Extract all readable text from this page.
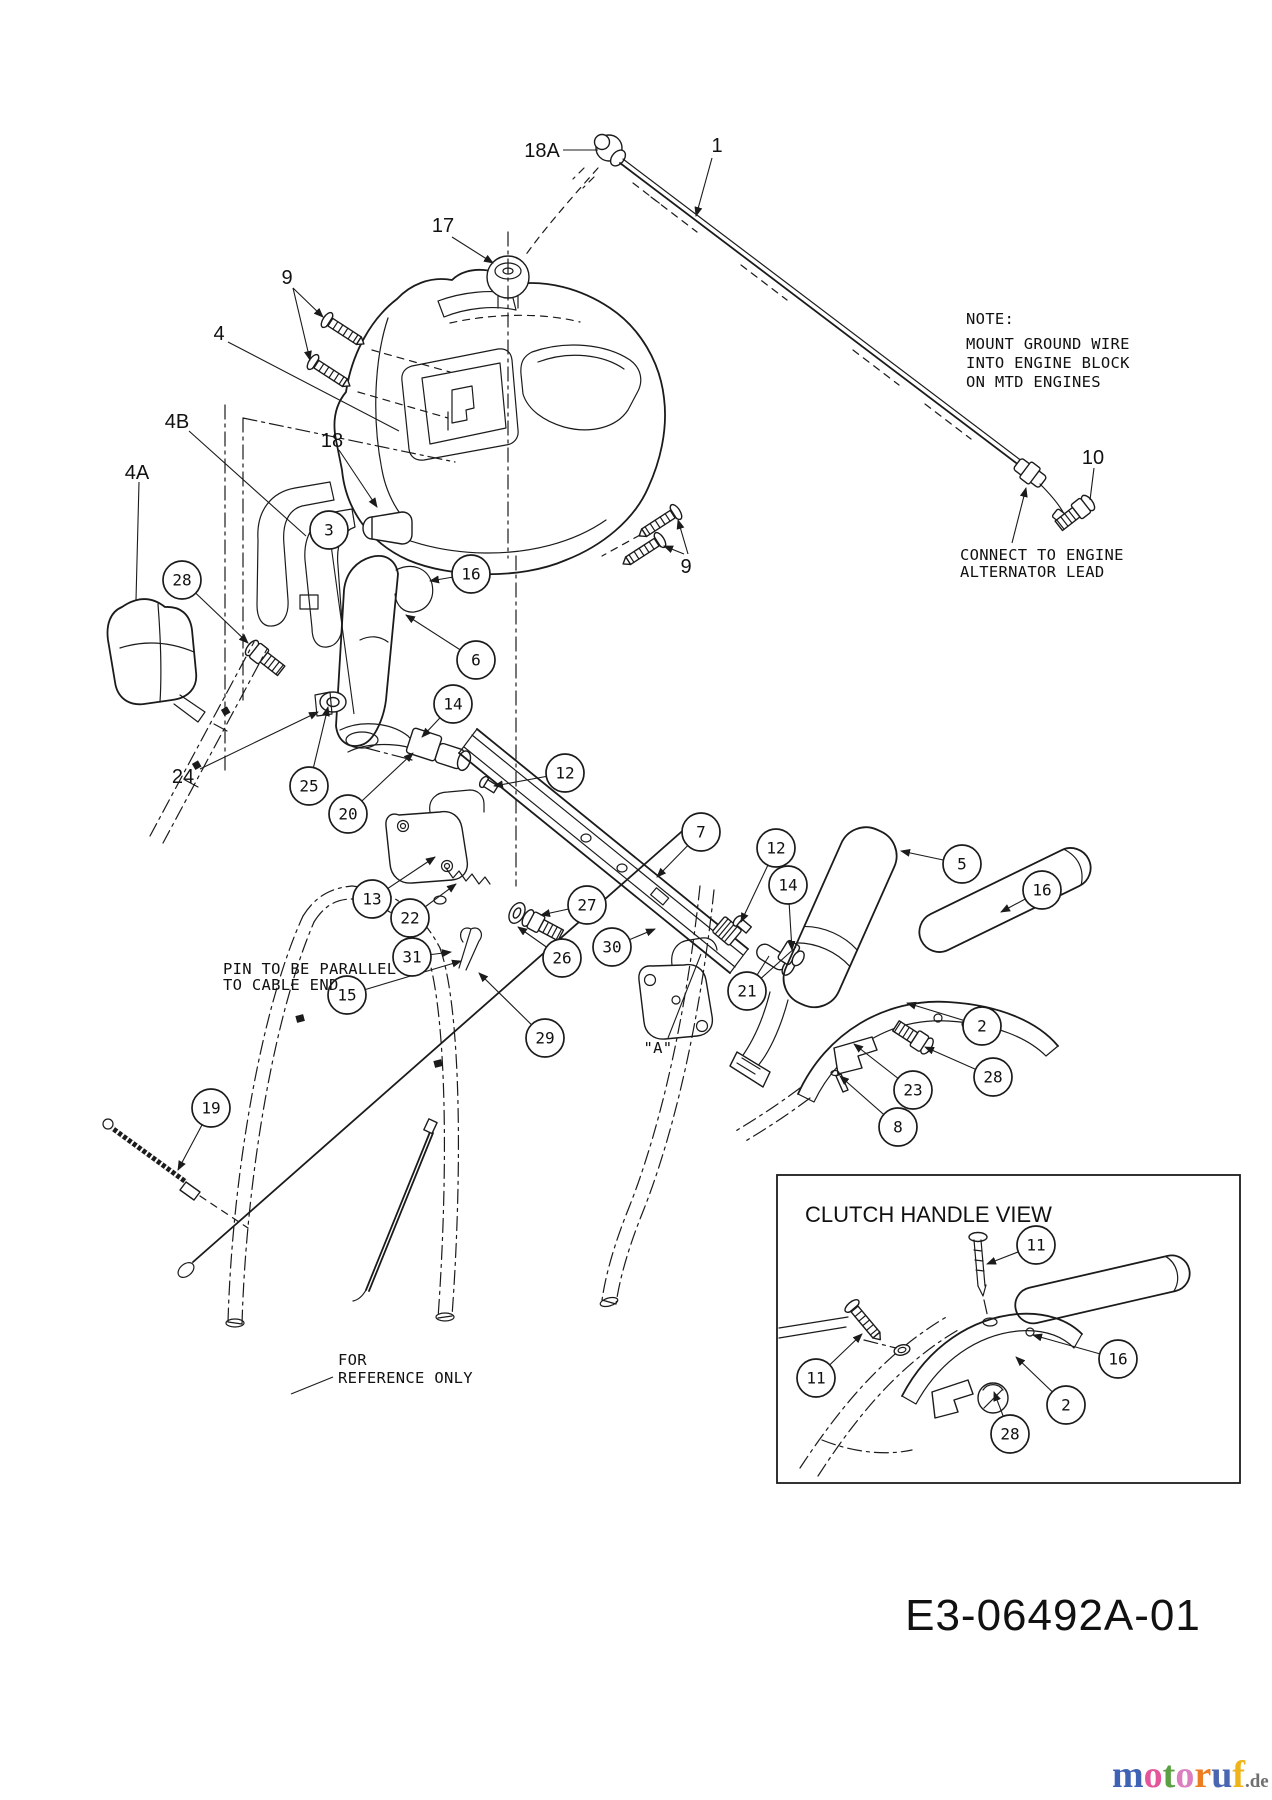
3
28	16
6
14
12
25
20
7
13
22
27
30
26
31
15
29
12
14
5
16
21
2
28
23
8
19
11
11
16
2
28
18A	1
17
9
9
4
4B
4A
18
24
10
NOTE:
MOUNT GROUND WIRE
INTO ENGINE BLOCK
ON MTD ENGINES
CONNECT TO ENGINE
ALTERNATOR LEAD
PIN TO BE PARALLEL
TO CABLE END
FOR
REFERENCE ONLY
"A"
CLUTCH HANDLE VIEW
E3-06492A-01
motoruf.de
